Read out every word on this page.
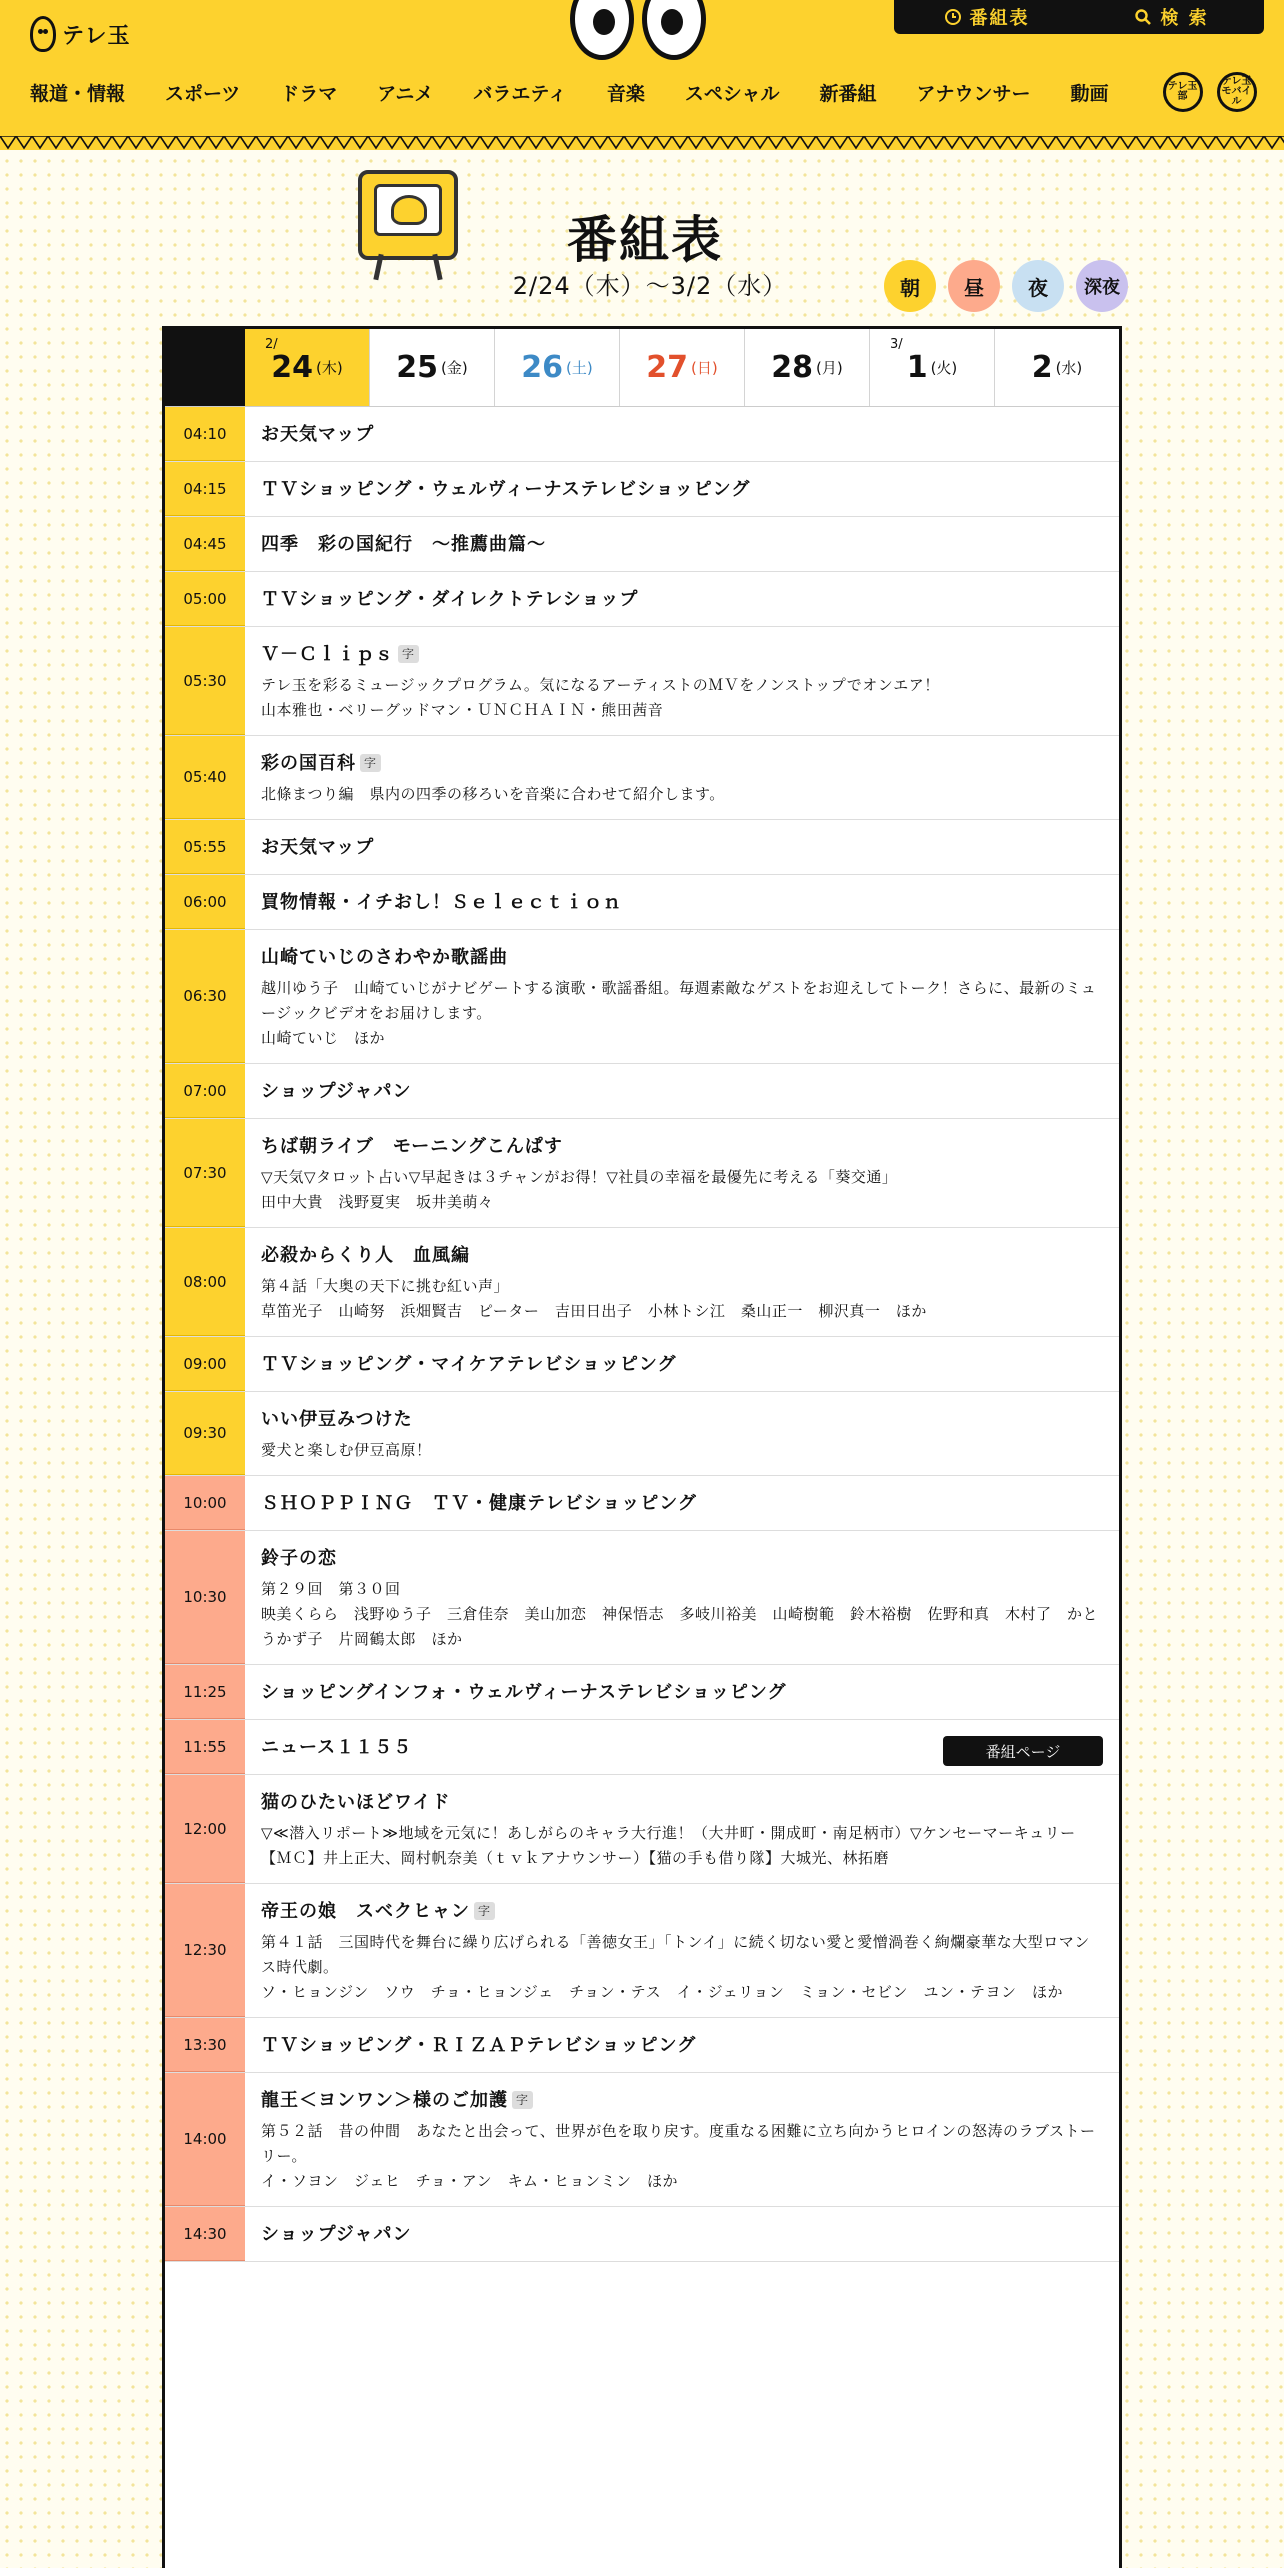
テレ玉
番組表	検 索
報道・情報 スポーツ ドラマ アニメ バラエティ 音楽 スペシャル 新番組 アナウンサー 動画	テレ玉部
テレ玉モバイル
番組表
2/24（木）〜3/2（水）	朝	昼	夜	深夜
2/
24 (木) 25 (金) 26 (土) 27 (日) 28 (月)
3/
1 (火) 2 (水)
04:10	お天気マップ
04:15	ＴＶショッピング・ウェルヴィーナステレビショッピング
04:45	四季　彩の国紀行　～推薦曲篇～
05:00	ＴＶショッピング・ダイレクトテレショップ
05:30
Ｖ－Ｃｌｉｐｓ 字
テレ玉を彩るミュージックプログラム。気になるアーティストのＭＶをノンストップでオンエア！
山本雅也・ベリーグッドマン・ＵＮＣＨＡＩＮ・熊田茜音
05:40
彩の国百科 字
北條まつり編　県内の四季の移ろいを音楽に合わせて紹介します。
05:55	お天気マップ
06:00	買物情報・イチおし！Ｓｅｌｅｃｔｉｏｎ
06:30
山崎ていじのさわやか歌謡曲
越川ゆう子　山崎ていじがナビゲートする演歌・歌謡番組。毎週素敵なゲストをお迎えしてトーク！さらに、最新のミュージックビデオをお届けします。
山崎ていじ　ほか
07:00	ショップジャパン
07:30
ちば朝ライブ　モーニングこんぱす
▽天気▽タロット占い▽早起きは３チャンがお得！▽社員の幸福を最優先に考える「葵交通」
田中大貴　浅野夏実　坂井美萌々
08:00
必殺からくり人　血風編
第４話「大奥の天下に挑む紅い声」
草笛光子　山崎努　浜畑賢吉　ピーター　吉田日出子　小林トシ江　桑山正一　柳沢真一　ほか
09:00	ＴＶショッピング・マイケアテレビショッピング
09:30
いい伊豆みつけた
愛犬と楽しむ伊豆高原！
10:00	ＳＨＯＰＰＩＮＧ　ＴＶ・健康テレビショッピング
10:30
鈴子の恋
第２９回　第３０回
映美くらら　浅野ゆう子　三倉佳奈　美山加恋　神保悟志　多岐川裕美　山崎樹範　鈴木裕樹　佐野和真　木村了　かとうかず子　片岡鶴太郎　ほか
11:25	ショッピングインフォ・ウェルヴィーナステレビショッピング
11:55	ニュース１１５５	番組ページ
12:00
猫のひたいほどワイド
▽≪潜入リポート≫地域を元気に！あしがらのキャラ大行進！（大井町・開成町・南足柄市）▽ケンセーマーキュリー
【ＭＣ】井上正大、岡村帆奈美（ｔｖｋアナウンサー）【猫の手も借り隊】大城光、林拓磨
12:30
帝王の娘　スベクヒャン 字
第４１話　三国時代を舞台に繰り広げられる「善徳女王」「トンイ」に続く切ない愛と愛憎渦巻く絢爛豪華な大型ロマンス時代劇。
ソ・ヒョンジン　ソウ　チョ・ヒョンジェ　チョン・テス　イ・ジェリョン　ミョン・セビン　ユン・テヨン　ほか
13:30	ＴＶショッピング・ＲＩＺＡＰテレビショッピング
14:00
龍王＜ヨンワン＞様のご加護 字
第５２話　昔の仲間　あなたと出会って、世界が色を取り戻す。度重なる困難に立ち向かうヒロインの怒涛のラブストーリー。
イ・ソヨン　ジェヒ　チョ・アン　キム・ヒョンミン　ほか
14:30	ショップジャパン
